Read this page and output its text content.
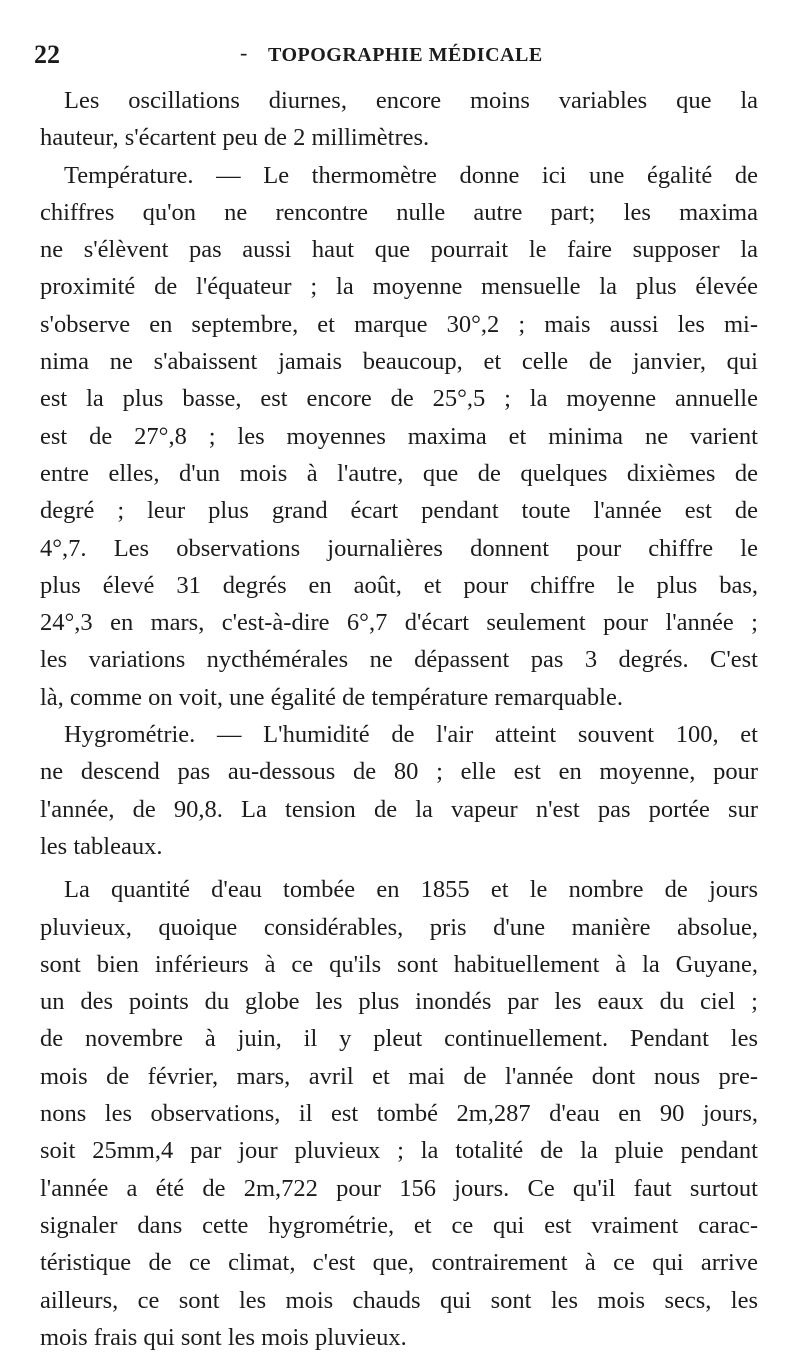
22	- TOPOGRAPHIE MÉDICALE
Les oscillations diurnes, encore moins variables que la
hauteur, s'écartent peu de 2 millimètres.
Température. — Le thermomètre donne ici une égalité de
chiffres qu'on ne rencontre nulle autre part; les maxima
ne s'élèvent pas aussi haut que pourrait le faire supposer la
proximité de l'équateur ; la moyenne mensuelle la plus élevée
s'observe en septembre, et marque 30°,2 ; mais aussi les mi-
nima ne s'abaissent jamais beaucoup, et celle de janvier, qui
est la plus basse, est encore de 25°,5 ; la moyenne annuelle
est de 27°,8 ; les moyennes maxima et minima ne varient
entre elles, d'un mois à l'autre, que de quelques dixièmes de
degré ; leur plus grand écart pendant toute l'année est de
4°,7. Les observations journalières donnent pour chiffre le
plus élevé 31 degrés en août, et pour chiffre le plus bas,
24°,3 en mars, c'est-à-dire 6°,7 d'écart seulement pour l'année ;
les variations nycthémérales ne dépassent pas 3 degrés. C'est
là, comme on voit, une égalité de température remarquable.
Hygrométrie. — L'humidité de l'air atteint souvent 100, et
ne descend pas au-dessous de 80 ; elle est en moyenne, pour
l'année, de 90,8. La tension de la vapeur n'est pas portée sur
les tableaux.
La quantité d'eau tombée en 1855 et le nombre de jours
pluvieux, quoique considérables, pris d'une manière absolue,
sont bien inférieurs à ce qu'ils sont habituellement à la Guyane,
un des points du globe les plus inondés par les eaux du ciel ;
de novembre à juin, il y pleut continuellement. Pendant les
mois de février, mars, avril et mai de l'année dont nous pre-
nons les observations, il est tombé 2m,287 d'eau en 90 jours,
soit 25mm,4 par jour pluvieux ; la totalité de la pluie pendant
l'année a été de 2m,722 pour 156 jours. Ce qu'il faut surtout
signaler dans cette hygrométrie, et ce qui est vraiment carac-
téristique de ce climat, c'est que, contrairement à ce qui arrive
ailleurs, ce sont les mois chauds qui sont les mois secs, les
mois frais qui sont les mois pluvieux.
